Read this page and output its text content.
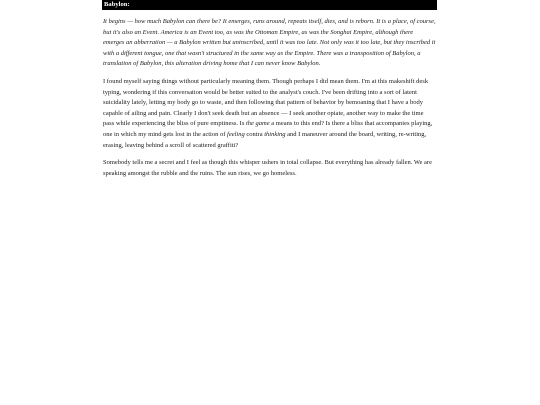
Babylon:

It begins — how much Babylon can there be? It emerges, runs around, repeats itself, dies, and is reborn. It is a place, of course, but it's also an Event. America is an Event too, as was the Ottoman Empire, as was the Songhai Empire, although there emerges an abberration — a Babylon written but uninscribed, until it was too late. Not only was it too late, but they inscribed it with a different tongue, one that wasn't structured in the same way as the Empire. There was a transposition of Babylon, a translation of Babylon, this alteration driving home that I can never know Babylon.

I found myself saying things without particularly meaning them. Though perhaps I did mean them. I'm at this makeshift desk typing, wondering if this conversation would be better suited to the analyst's couch. I've been drifting into a sort of latent suicidality lately, letting my body go to waste, and then following that pattern of behavior by bemoaning that I have a body capable of ailing and pain. Clearly I don't seek death but an absence — I seek another opiate, another way to make the time pass while experiencing the bliss of pure emptiness. Is the game a means to this end? Is there a bliss that accompanies playing, one in which my mind gets lost in the action of feeling contra thinking and I maneuver around the board, writing, re-writing, erasing, leaving behind a scroll of scattered graffiti?

Somebody tells me a secret and I feel as though this whisper ushers in total collapse. But everything has already fallen. We are speaking amongst the rubble and the ruins. The sun rises, we go homeless.
